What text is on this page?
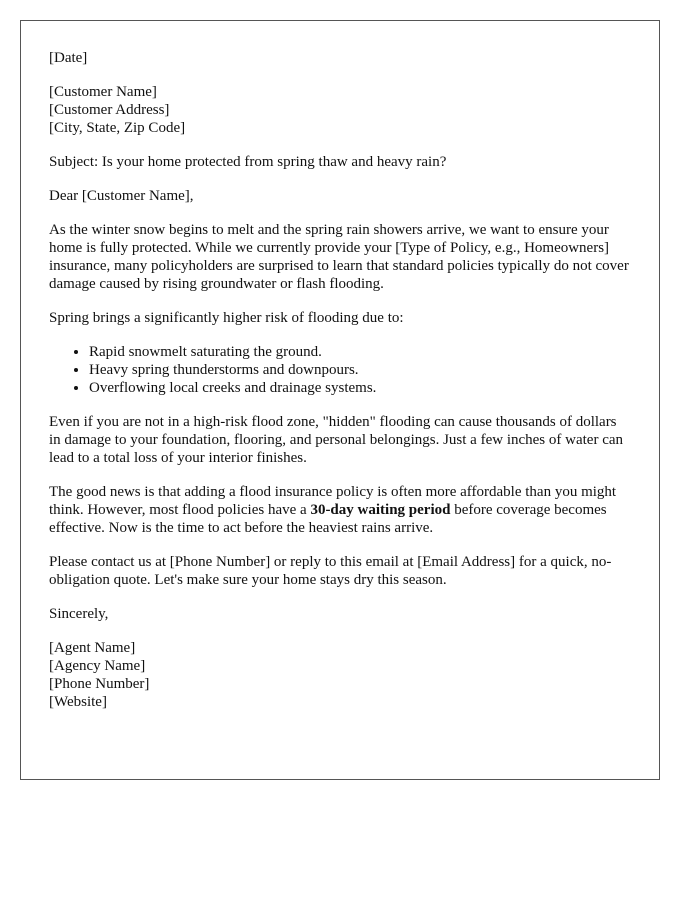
[Date]

[Customer Name]
[Customer Address]
[City, State, Zip Code]

Subject: Is your home protected from spring thaw and heavy rain?

Dear [Customer Name],

As the winter snow begins to melt and the spring rain showers arrive, we want to ensure your home is fully protected. While we currently provide your [Type of Policy, e.g., Homeowners] insurance, many policyholders are surprised to learn that standard policies typically do not cover damage caused by rising groundwater or flash flooding.

Spring brings a significantly higher risk of flooding due to:

• Rapid snowmelt saturating the ground.
• Heavy spring thunderstorms and downpours.
• Overflowing local creeks and drainage systems.

Even if you are not in a high-risk flood zone, "hidden" flooding can cause thousands of dollars in damage to your foundation, flooring, and personal belongings. Just a few inches of water can lead to a total loss of your interior finishes.

The good news is that adding a flood insurance policy is often more affordable than you might think. However, most flood policies have a 30-day waiting period before coverage becomes effective. Now is the time to act before the heaviest rains arrive.

Please contact us at [Phone Number] or reply to this email at [Email Address] for a quick, no-obligation quote. Let's make sure your home stays dry this season.

Sincerely,

[Agent Name]
[Agency Name]
[Phone Number]
[Website]
